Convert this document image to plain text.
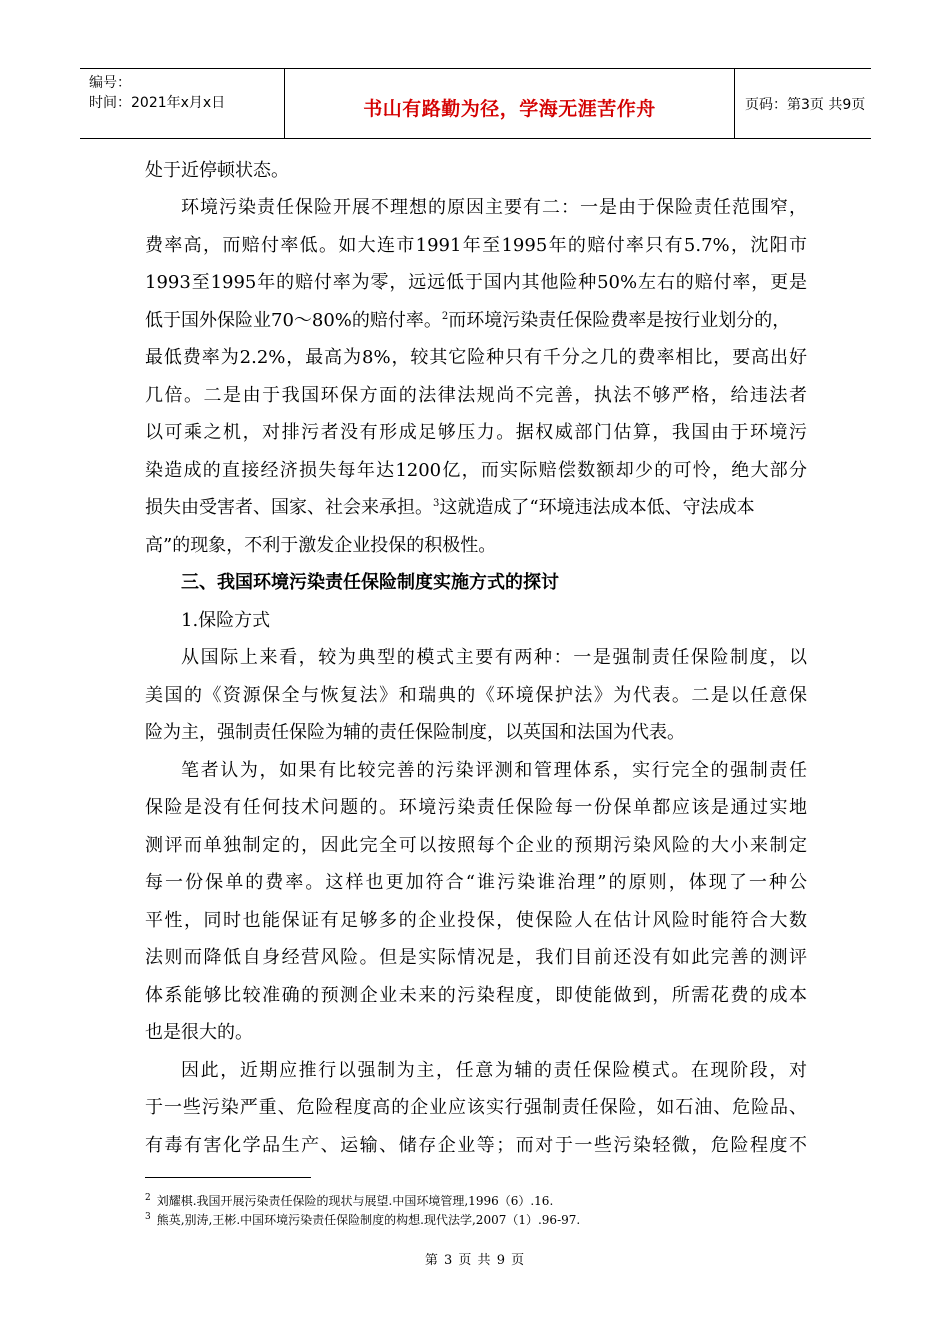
编号：
时间：2021年x月x日	书山有路勤为径，学海无涯苦作舟	页码：第3页 共9页
处于近停顿状态。
环境污染责任保险开展不理想的原因主要有二：一是由于保险责任范围窄，
费率高，而赔付率低。如大连市1991年至1995年的赔付率只有5.7%，沈阳市
1993至1995年的赔付率为零，远远低于国内其他险种50%左右的赔付率，更是
低于国外保险业70～80%的赔付率。$^2$而环境污染责任保险费率是按行业划分的，
最低费率为2.2%，最高为8%，较其它险种只有千分之几的费率相比，要高出好
几倍。二是由于我国环保方面的法律法规尚不完善，执法不够严格，给违法者
以可乘之机，对排污者没有形成足够压力。据权威部门估算，我国由于环境污
染造成的直接经济损失每年达1200亿，而实际赔偿数额却少的可怜，绝大部分
损失由受害者、国家、社会来承担。$^3$这就造成了“环境违法成本低、守法成本
高”的现象，不利于激发企业投保的积极性。
三、我国环境污染责任保险制度实施方式的探讨
1.保险方式
从国际上来看，较为典型的模式主要有两种：一是强制责任保险制度，以
美国的《资源保全与恢复法》和瑞典的《环境保护法》为代表。二是以任意保
险为主，强制责任保险为辅的责任保险制度，以英国和法国为代表。
笔者认为，如果有比较完善的污染评测和管理体系，实行完全的强制责任
保险是没有任何技术问题的。环境污染责任保险每一份保单都应该是通过实地
测评而单独制定的，因此完全可以按照每个企业的预期污染风险的大小来制定
每一份保单的费率。这样也更加符合“谁污染谁治理”的原则，体现了一种公
平性，同时也能保证有足够多的企业投保，使保险人在估计风险时能符合大数
法则而降低自身经营风险。但是实际情况是，我们目前还没有如此完善的测评
体系能够比较准确的预测企业未来的污染程度，即使能做到，所需花费的成本
也是很大的。
因此，近期应推行以强制为主，任意为辅的责任保险模式。在现阶段，对
于一些污染严重、危险程度高的企业应该实行强制责任保险，如石油、危险品、
有毒有害化学品生产、运输、储存企业等；而对于一些污染轻微，危险程度不
$^2$ 刘耀棋.我国开展污染责任保险的现状与展望.中国环境管理,1996（6）.16.
$^3$ 熊英,别涛,王彬.中国环境污染责任保险制度的构想.现代法学,2007（1）.96-97.
第 3 页 共 9 页
